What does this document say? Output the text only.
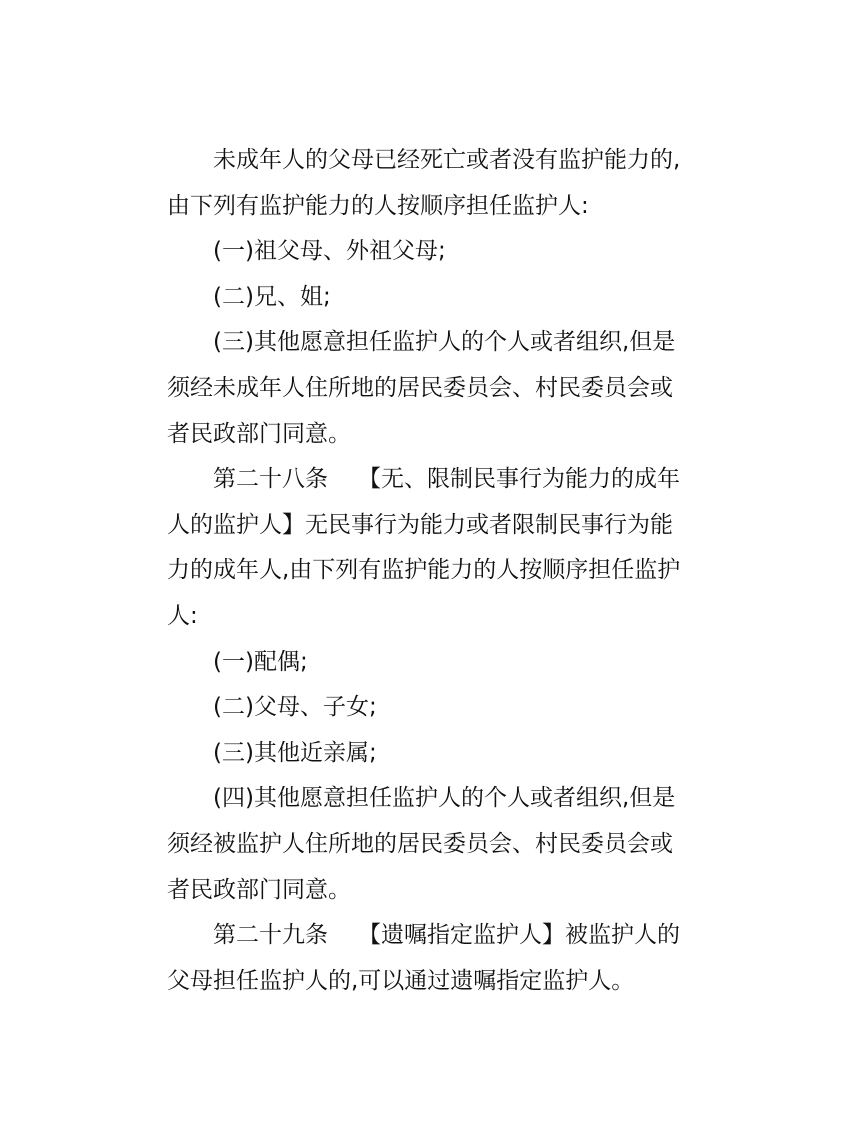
未成年人的父母已经死亡或者没有监护能力的,
由下列有监护能力的人按顺序担任监护人:
(一)祖父母、外祖父母;
(二)兄、姐;
(三)其他愿意担任监护人的个人或者组织,但是
须经未成年人住所地的居民委员会、村民委员会或
者民政部门同意。
第二十八条 【无、限制民事行为能力的成年
人的监护人】无民事行为能力或者限制民事行为能
力的成年人,由下列有监护能力的人按顺序担任监护
人:
(一)配偶;
(二)父母、子女;
(三)其他近亲属;
(四)其他愿意担任监护人的个人或者组织,但是
须经被监护人住所地的居民委员会、村民委员会或
者民政部门同意。
第二十九条 【遗嘱指定监护人】被监护人的
父母担任监护人的,可以通过遗嘱指定监护人。
